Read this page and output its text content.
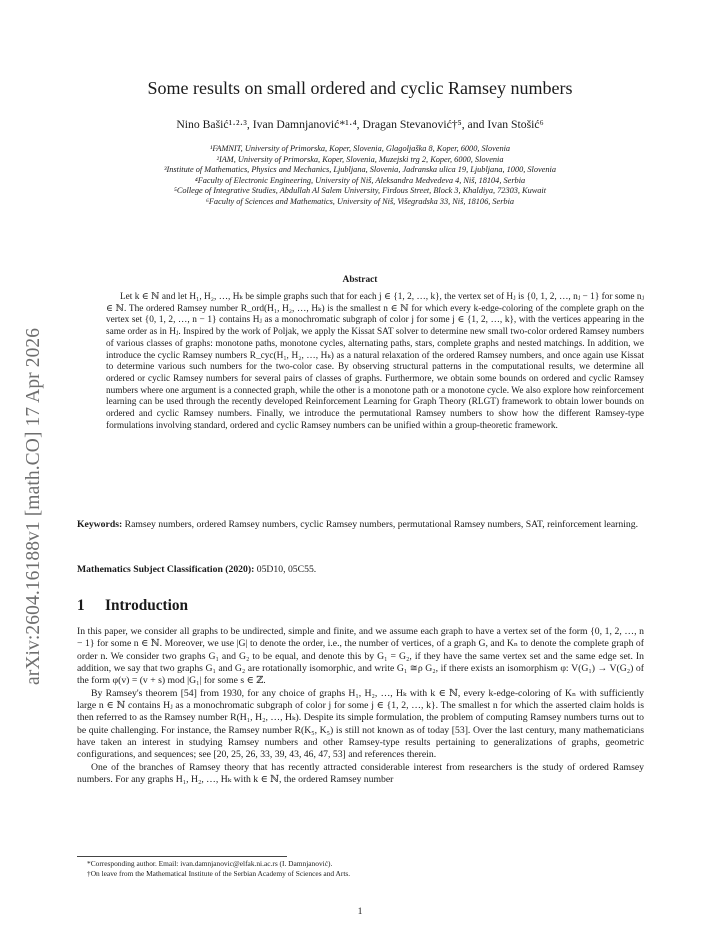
arXiv:2604.16188v1 [math.CO] 17 Apr 2026
Some results on small ordered and cyclic Ramsey numbers
Nino Bašić¹·²·³, Ivan Damnjanović*¹·⁴, Dragan Stevanović†⁵, and Ivan Stošić⁶
¹FAMNIT, University of Primorska, Koper, Slovenia, Glagoljaška 8, Koper, 6000, Slovenia
²IAM, University of Primorska, Koper, Slovenia, Muzejski trg 2, Koper, 6000, Slovenia
³Institute of Mathematics, Physics and Mechanics, Ljubljana, Slovenia, Jadranska ulica 19, Ljubljana, 1000, Slovenia
⁴Faculty of Electronic Engineering, University of Niš, Aleksandra Medvedeva 4, Niš, 18104, Serbia
⁵College of Integrative Studies, Abdullah Al Salem University, Firdous Street, Block 3, Khaldiya, 72303, Kuwait
⁶Faculty of Sciences and Mathematics, University of Niš, Višegradska 33, Niš, 18106, Serbia
Abstract

Let k ∈ ℕ and let H₁, H₂, …, Hₖ be simple graphs such that for each j ∈ {1, 2, …, k}, the vertex set of Hⱼ is {0, 1, 2, …, nⱼ − 1} for some nⱼ ∈ ℕ. The ordered Ramsey number R_ord(H₁, H₂, …, Hₖ) is the smallest n ∈ ℕ for which every k-edge-coloring of the complete graph on the vertex set {0, 1, 2, …, n − 1} contains Hⱼ as a monochromatic subgraph of color j for some j ∈ {1, 2, …, k}, with the vertices appearing in the same order as in Hⱼ. Inspired by the work of Poljak, we apply the Kissat SAT solver to determine new small two-color ordered Ramsey numbers of various classes of graphs: monotone paths, monotone cycles, alternating paths, stars, complete graphs and nested matchings. In addition, we introduce the cyclic Ramsey numbers R_cyc(H₁, H₂, …, Hₖ) as a natural relaxation of the ordered Ramsey numbers, and once again use Kissat to determine various such numbers for the two-color case. By observing structural patterns in the computational results, we determine all ordered or cyclic Ramsey numbers for several pairs of classes of graphs. Furthermore, we obtain some bounds on ordered and cyclic Ramsey numbers where one argument is a connected graph, while the other is a monotone path or a monotone cycle. We also explore how reinforcement learning can be used through the recently developed Reinforcement Learning for Graph Theory (RLGT) framework to obtain lower bounds on ordered and cyclic Ramsey numbers. Finally, we introduce the permutational Ramsey numbers to show how the different Ramsey-type formulations involving standard, ordered and cyclic Ramsey numbers can be unified within a group-theoretic framework.

Keywords: Ramsey numbers, ordered Ramsey numbers, cyclic Ramsey numbers, permutational Ramsey numbers, SAT, reinforcement learning.
Mathematics Subject Classification (2020): 05D10, 05C55.
1 Introduction

In this paper, we consider all graphs to be undirected, simple and finite, and we assume each graph to have a vertex set of the form {0, 1, 2, …, n − 1} for some n ∈ ℕ. Moreover, we use |G| to denote the order, i.e., the number of vertices, of a graph G, and Kₙ to denote the complete graph of order n. We consider two graphs G₁ and G₂ to be equal, and denote this by G₁ = G₂, if they have the same vertex set and the same edge set. In addition, we say that two graphs G₁ and G₂ are rotationally isomorphic, and write G₁ ≅ρ G₂, if there exists an isomorphism φ: V(G₁) → V(G₂) of the form φ(v) = (v + s) mod |G₁| for some s ∈ ℤ.

By Ramsey's theorem [54] from 1930, for any choice of graphs H₁, H₂, …, Hₖ with k ∈ ℕ, every k-edge-coloring of Kₙ with sufficiently large n ∈ ℕ contains Hⱼ as a monochromatic subgraph of color j for some j ∈ {1, 2, …, k}. The smallest n for which the asserted claim holds is then referred to as the Ramsey number R(H₁, H₂, …, Hₖ). Despite its simple formulation, the problem of computing Ramsey numbers turns out to be quite challenging. For instance, the Ramsey number R(K₅, K₅) is still not known as of today [53]. Over the last century, many mathematicians have taken an interest in studying Ramsey numbers and other Ramsey-type results pertaining to generalizations of graphs, geometric configurations, and sequences; see [20, 25, 26, 33, 39, 43, 46, 47, 53] and references therein.

One of the branches of Ramsey theory that has recently attracted considerable interest from researchers is the study of ordered Ramsey numbers. For any graphs H₁, H₂, …, Hₖ with k ∈ ℕ, the ordered Ramsey number

*Corresponding author. Email: ivan.damnjanovic@elfak.ni.ac.rs (I. Damnjanović).
†On leave from the Mathematical Institute of the Serbian Academy of Sciences and Arts.
1
